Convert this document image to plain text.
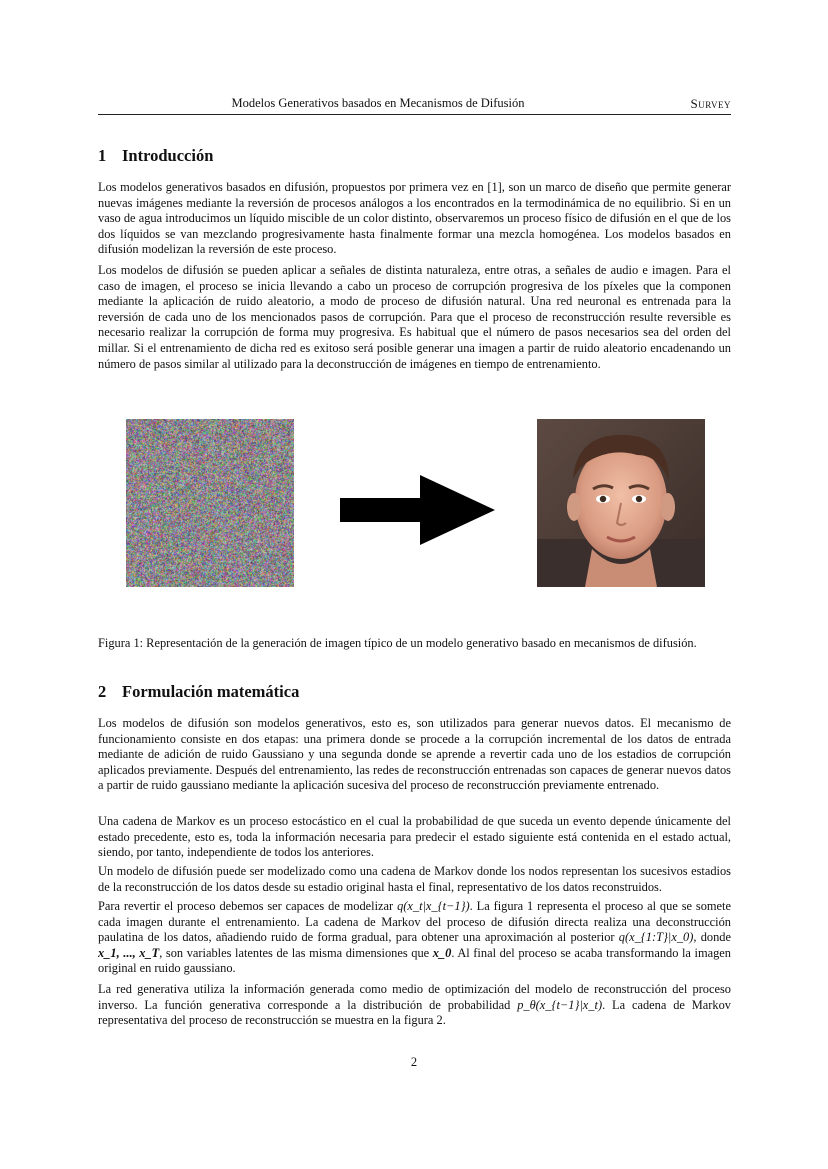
Modelos Generativos basados en Mecanismos de Difusión	Survey
1 Introducción

Los modelos generativos basados en difusión, propuestos por primera vez en [1], son un marco de diseño que permite generar nuevas imágenes mediante la reversión de procesos análogos a los encontrados en la termodinámica de no equilibrio. Si en un vaso de agua introducimos un líquido miscible de un color distinto, observaremos un proceso físico de difusión en el que de los dos líquidos se van mezclando progresivamente hasta finalmente formar una mezcla homogénea. Los modelos basados en difusión modelizan la reversión de este proceso.

Los modelos de difusión se pueden aplicar a señales de distinta naturaleza, entre otras, a señales de audio e imagen. Para el caso de imagen, el proceso se inicia llevando a cabo un proceso de corrupción progresiva de los píxeles que la componen mediante la aplicación de ruido aleatorio, a modo de proceso de difusión natural. Una red neuronal es entrenada para la reversión de cada uno de los mencionados pasos de corrupción. Para que el proceso de reconstrucción resulte reversible es necesario realizar la corrupción de forma muy progresiva. Es habitual que el número de pasos necesarios sea del orden del millar. Si el entrenamiento de dicha red es exitoso será posible generar una imagen a partir de ruido aleatorio encadenando un número de pasos similar al utilizado para la deconstrucción de imágenes en tiempo de entrenamiento.

Figura 1: Representación de la generación de imagen típico de un modelo generativo basado en mecanismos de difusión.
2 Formulación matemática

Los modelos de difusión son modelos generativos, esto es, son utilizados para generar nuevos datos. El mecanismo de funcionamiento consiste en dos etapas: una primera donde se procede a la corrupción incremental de los datos de entrada mediante de adición de ruido Gaussiano y una segunda donde se aprende a revertir cada uno de los estadios de corrupción aplicados previamente. Después del entrenamiento, las redes de reconstrucción entrenadas son capaces de generar nuevos datos a partir de ruido gaussiano mediante la aplicación sucesiva del proceso de reconstrucción previamente entrenado.

Una cadena de Markov es un proceso estocástico en el cual la probabilidad de que suceda un evento depende únicamente del estado precedente, esto es, toda la información necesaria para predecir el estado siguiente está contenida en el estado actual, siendo, por tanto, independiente de todos los anteriores.

Un modelo de difusión puede ser modelizado como una cadena de Markov donde los nodos representan los sucesivos estadios de la reconstrucción de los datos desde su estadio original hasta el final, representativo de los datos reconstruidos.

Para revertir el proceso debemos ser capaces de modelizar q(x_t|x_{t−1}). La figura 1 representa el proceso al que se somete cada imagen durante el entrenamiento. La cadena de Markov del proceso de difusión directa realiza una deconstrucción paulatina de los datos, añadiendo ruido de forma gradual, para obtener una aproximación al posterior q(x_{1:T}|x_0), donde x_1, ..., x_T, son variables latentes de las misma dimensiones que x_0. Al final del proceso se acaba transformando la imagen original en ruido gaussiano.

La red generativa utiliza la información generada como medio de optimización del modelo de reconstrucción del proceso inverso. La función generativa corresponde a la distribución de probabilidad p_θ(x_{t−1}|x_t). La cadena de Markov representativa del proceso de reconstrucción se muestra en la figura 2.

2
